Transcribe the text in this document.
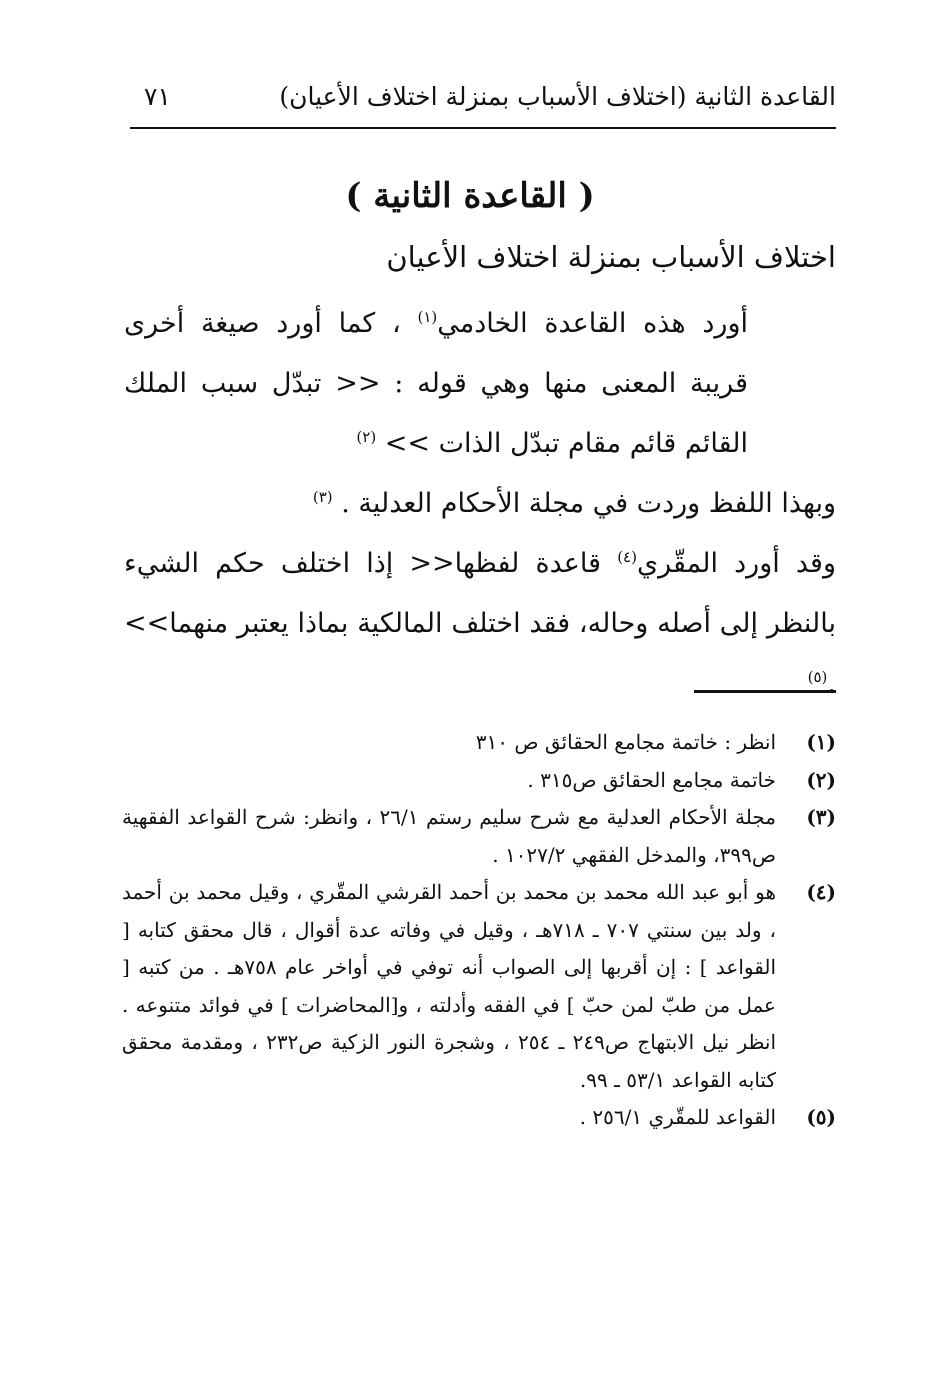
القاعدة الثانية (اختلاف الأسباب بمنزلة اختلاف الأعيان)
٧١
( القاعدة الثانية )
اختلاف الأسباب بمنزلة اختلاف الأعيان

أورد هذه القاعدة الخادمي$^{(١)}$ ، كما أورد صيغة أخرى قريبة المعنى منها وهي قوله : << تبدّل سبب الملك القائم قائم مقام تبدّل الذات >> $^{(٢)}$

وبهذا اللفظ وردت في مجلة الأحكام العدلية . $^{(٣)}$

وقد أورد المقّري$^{(٤)}$ قاعدة لفظها<< إذا اختلف حكم الشيء بالنظر إلى أصله وحاله، فقد اختلف المالكية بماذا يعتبر منهما>> .$^{(٥)}$

(١)
انظر : خاتمة مجامع الحقائق ص ٣١٠
(٢)
خاتمة مجامع الحقائق ص٣١٥ .
(٣)
مجلة الأحكام العدلية مع شرح سليم رستم ٢٦/١ ، وانظر: شرح القواعد الفقهية ص٣٩٩، والمدخل الفقهي ١٠٢٧/٢ .
(٤)
هو أبو عبد الله محمد بن محمد بن أحمد القرشي المقّري ، وقيل محمد بن أحمد ، ولد بين سنتي ٧٠٧ ـ ٧١٨هـ ، وقيل في وفاته عدة أقوال ، قال محقق كتابه [ القواعد ] : إن أقربها إلى الصواب أنه توفي في أواخر عام ٧٥٨هـ . من كتبه [ عمل من طبّ لمن حبّ ] في الفقه وأدلته ، و[المحاضرات ] في فوائد متنوعه . انظر نيل الابتهاج ص٢٤٩ ـ ٢٥٤ ، وشجرة النور الزكية ص٢٣٢ ، ومقدمة محقق كتابه القواعد ٥٣/١ ـ ٩٩.
(٥)
القواعد للمقّري ٢٥٦/١ .
